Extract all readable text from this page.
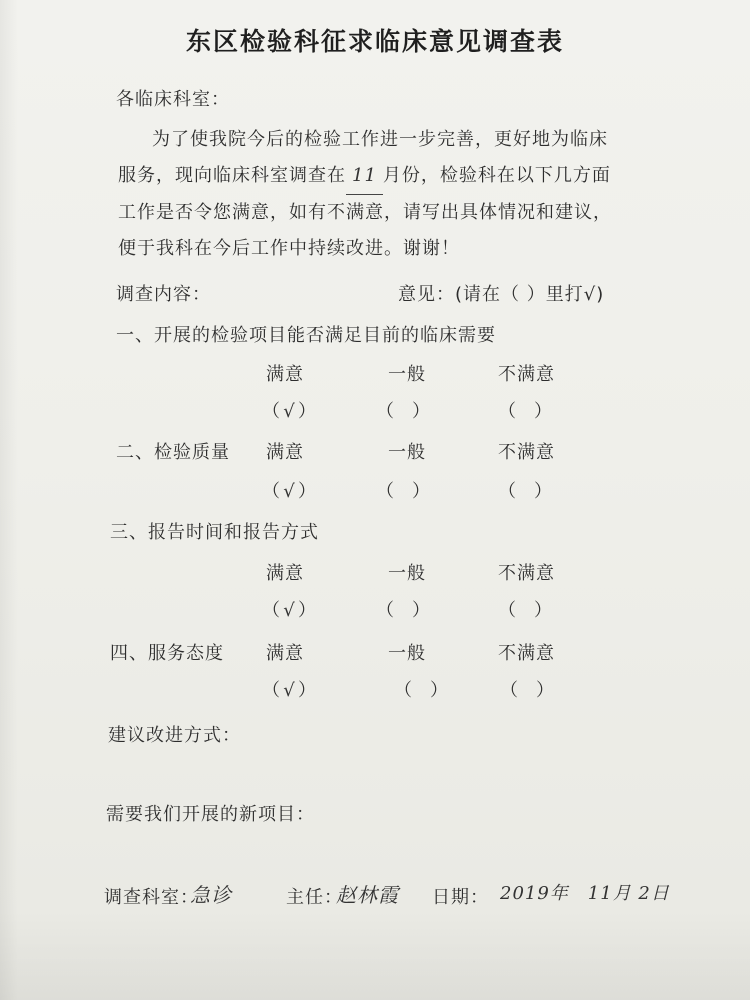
东区检验科征求临床意见调查表
各临床科室：
为了使我院今后的检验工作进一步完善，更好地为临床
服务，现向临床科室调查在 11 月份，检验科在以下几方面
工作是否令您满意，如有不满意，请写出具体情况和建议，
便于我科在今后工作中持续改进。谢谢！
调查内容：	意见：(请在（ ）里打√)
一、开展的检验项目能否满足目前的临床需要
满意	一般	不满意
（ √ ）	（ ）	（ ）
二、检验质量 满意	一般	不满意
（ √ ）	（ ）	（ ）
三、报告时间和报告方式
满意	一般	不满意
（ √ ）	（ ）	（ ）
四、服务态度 满意	一般	不满意
（ √ ）	（ ）	（ ）
建议改进方式：
需要我们开展的新项目：
调查科室：
急诊	主任：
赵林霞 日期： 2019年　11月 2日
